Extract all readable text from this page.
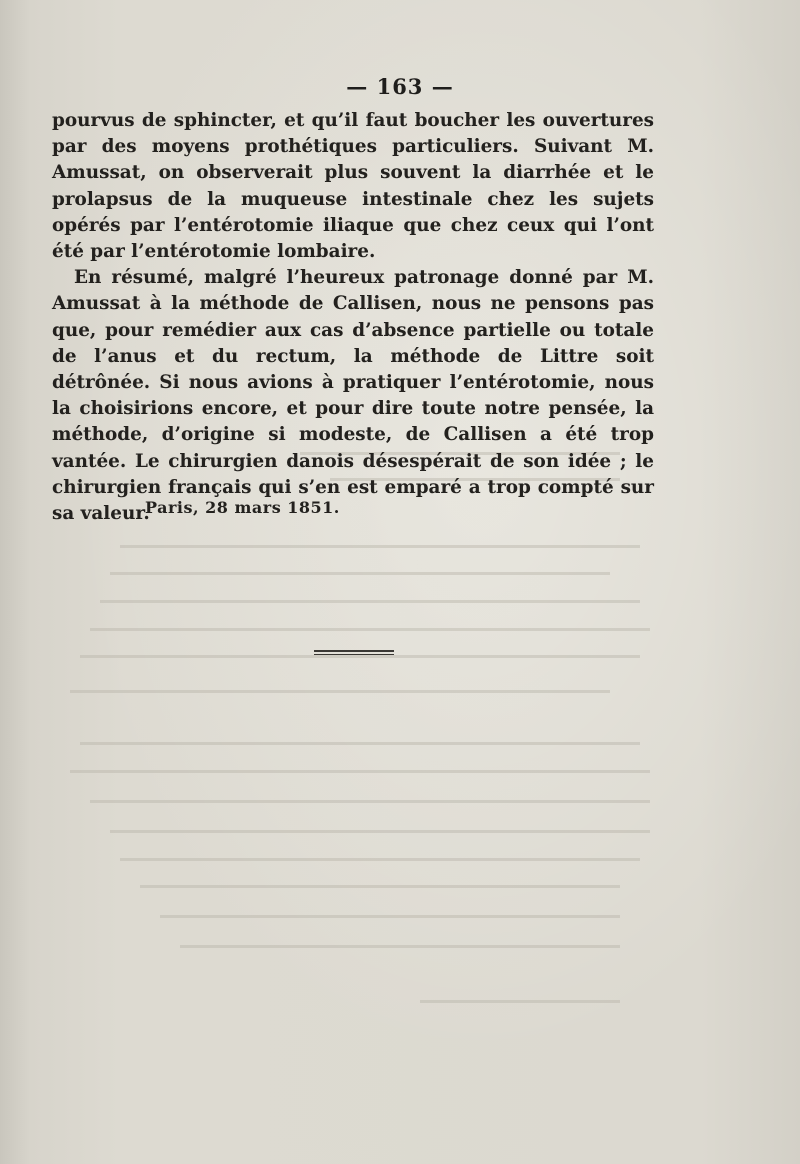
— 163 —

pourvus de sphincter, et qu’il faut boucher les ouvertures par des moyens prothétiques particuliers. Suivant M. Amussat, on observerait plus souvent la diarrhée et le prolapsus de la muqueuse intestinale chez les sujets opérés par l’entérotomie iliaque que chez ceux qui l’ont été par l’entérotomie lombaire.

En résumé, malgré l’heureux patronage donné par M. Amussat à la méthode de Callisen, nous ne pensons pas que, pour remédier aux cas d’absence partielle ou totale de l’anus et du rectum, la méthode de Littre soit détrônée. Si nous avions à pratiquer l’entérotomie, nous la choisirions encore, et pour dire toute notre pensée, la méthode, d’origine si modeste, de Callisen a été trop vantée. Le chirurgien danois désespérait de son idée ; le chirurgien français qui s’en est emparé a trop compté sur sa valeur.

Paris, 28 mars 1851.
